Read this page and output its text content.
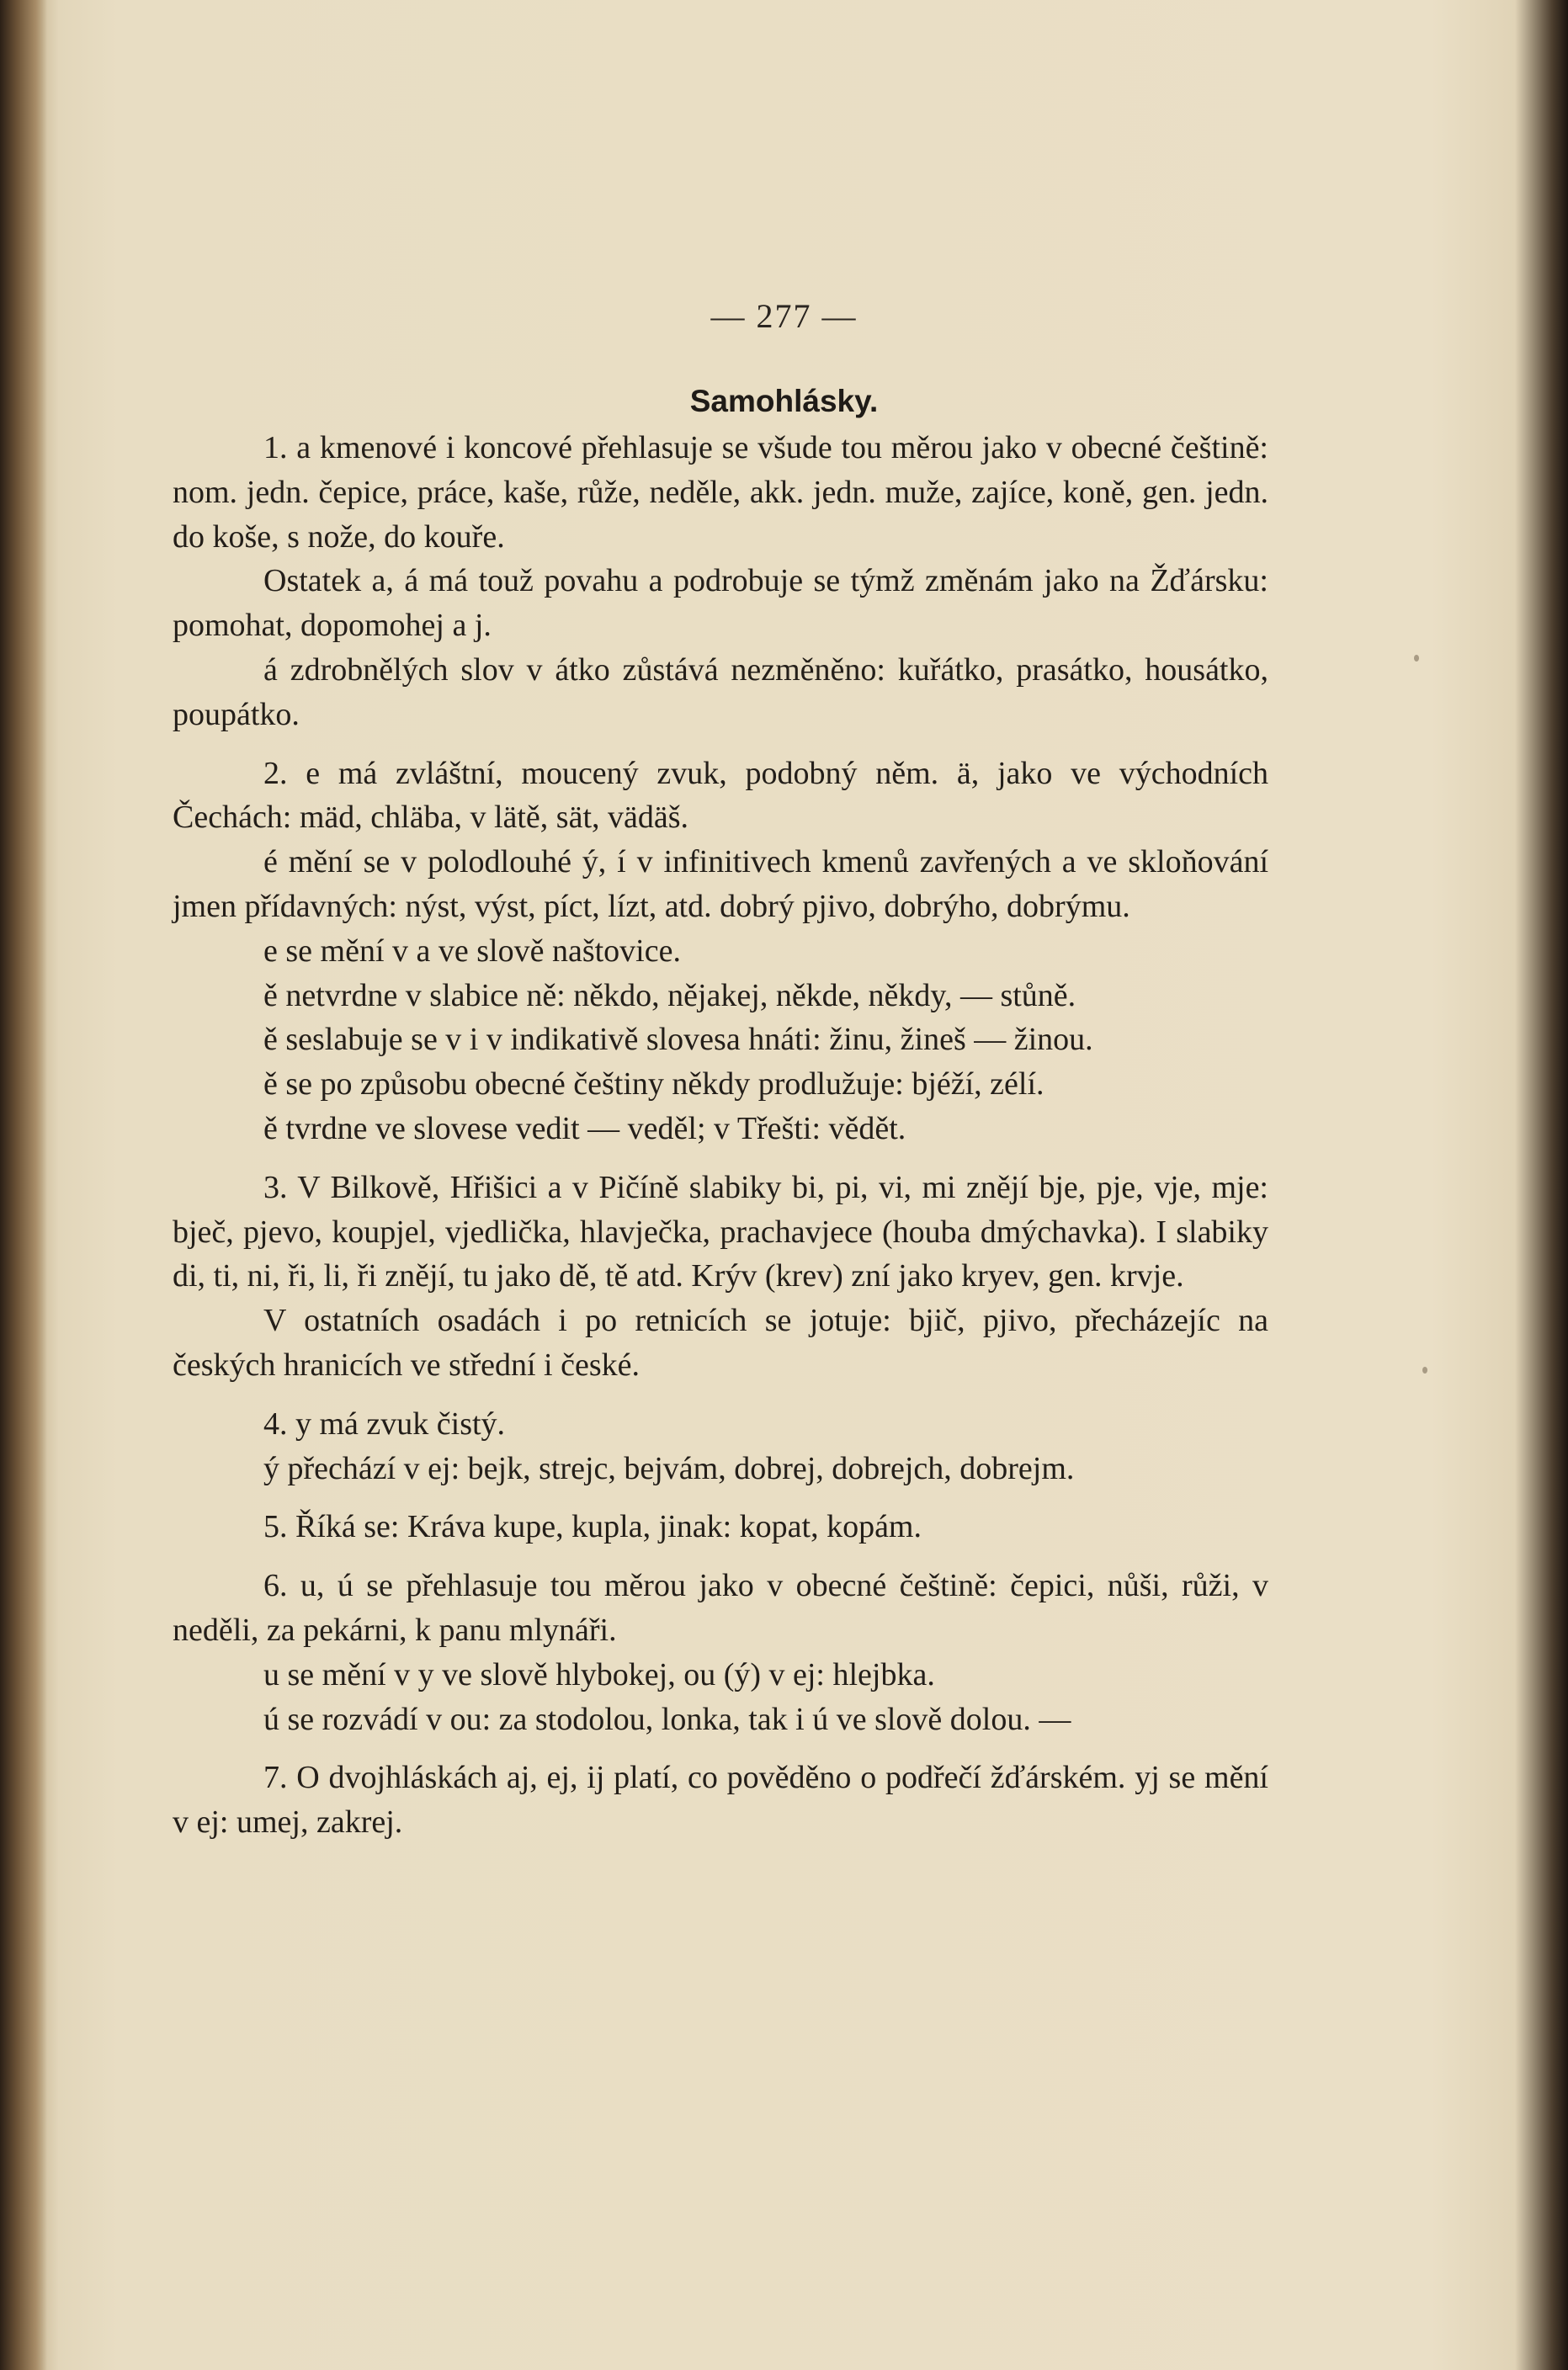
— 277 —
Samohlásky.

1. a kmenové i koncové přehlasuje se všude tou měrou jako v obecné češtině: nom. jedn. čepice, práce, kaše, růže, neděle, akk. jedn. muže, zajíce, koně, gen. jedn. do koše, s nože, do kouře.

Ostatek a, á má touž povahu a podrobuje se týmž změnám jako na Žďársku: pomohat, dopomohej a j.

á zdrobnělých slov v átko zůstává nezměněno: kuřátko, prasátko, housátko, poupátko.

2. e má zvláštní, moucený zvuk, podobný něm. ä, jako ve východních Čechách: mäd, chläba, v lätě, sät, vädäš.

é mění se v polodlouhé ý, í v infinitivech kmenů zavřených a ve skloňování jmen přídavných: nýst, výst, píct, lízt, atd. dobrý pjivo, dobrýho, dobrýmu.

e se mění v a ve slově naštovice.

ě netvrdne v slabice ně: někdo, nějakej, někde, někdy, — stůně.

ě seslabuje se v i v indikativě slovesa hnáti: žinu, žineš — žinou.

ě se po způsobu obecné češtiny někdy prodlužuje: bjéží, zélí.

ě tvrdne ve slovese vedit — veděl; v Třešti: vědět.

3. V Bilkově, Hřišici a v Pičíně slabiky bi, pi, vi, mi znějí bje, pje, vje, mje: bječ, pjevo, koupjel, vjedlička, hlavječka, prachavjece (houba dmýchavka). I slabiky di, ti, ni, ři, li, ři znějí, tu jako dě, tě atd. Krýv (krev) zní jako kryev, gen. krvje.

V ostatních osadách i po retnicích se jotuje: bjič, pjivo, přecházejíc na českých hranicích ve střední i české.

4. y má zvuk čistý.

ý přechází v ej: bejk, strejc, bejvám, dobrej, dobrejch, dobrejm.

5. Říká se: Kráva kupe, kupla, jinak: kopat, kopám.

6. u, ú se přehlasuje tou měrou jako v obecné češtině: čepici, nůši, růži, v neděli, za pekárni, k panu mlynáři.

u se mění v y ve slově hlybokej, ou (ý) v ej: hlejbka.

ú se rozvádí v ou: za stodolou, lonka, tak i ú ve slově dolou. —

7. O dvojhláskách aj, ej, ij platí, co pověděno o podřečí žďárském. yj se mění v ej: umej, zakrej.
